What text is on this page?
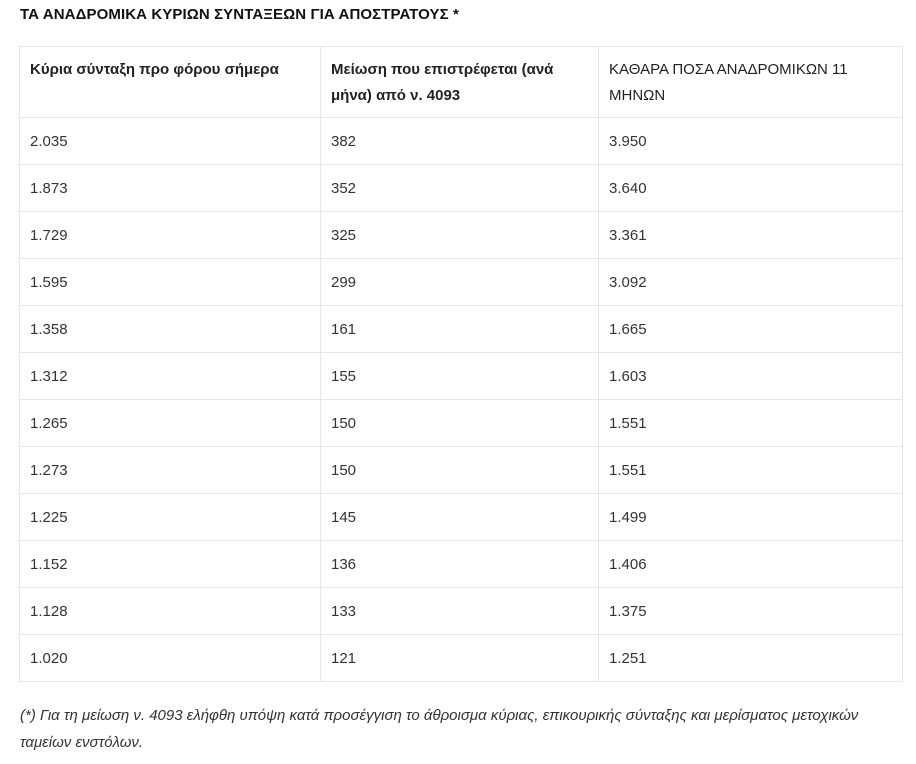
ΤΑ ΑΝΑΔΡΟΜΙΚΑ ΚΥΡΙΩΝ ΣΥΝΤΑΞΕΩΝ ΓΙΑ ΑΠΟΣΤΡΑΤΟΥΣ *
Κύρια σύνταξη προ φόρου σήμερα	Μείωση που επιστρέφεται (ανά μήνα) από ν. 4093	ΚΑΘΑΡΑ ΠΟΣΑ ΑΝΑΔΡΟΜΙΚΩΝ 11 ΜΗΝΩΝ
2.035	382	3.950
1.873	352	3.640
1.729	325	3.361
1.595	299	3.092
1.358	161	1.665
1.312	155	1.603
1.265	150	1.551
1.273	150	1.551
1.225	145	1.499
1.152	136	1.406
1.128	133	1.375
1.020	121	1.251
(*) Για τη μείωση ν. 4093 ελήφθη υπόψη κατά προσέγγιση το άθροισμα κύριας, επικουρικής σύνταξης και μερίσματος μετοχικών ταμείων ενστόλων.
